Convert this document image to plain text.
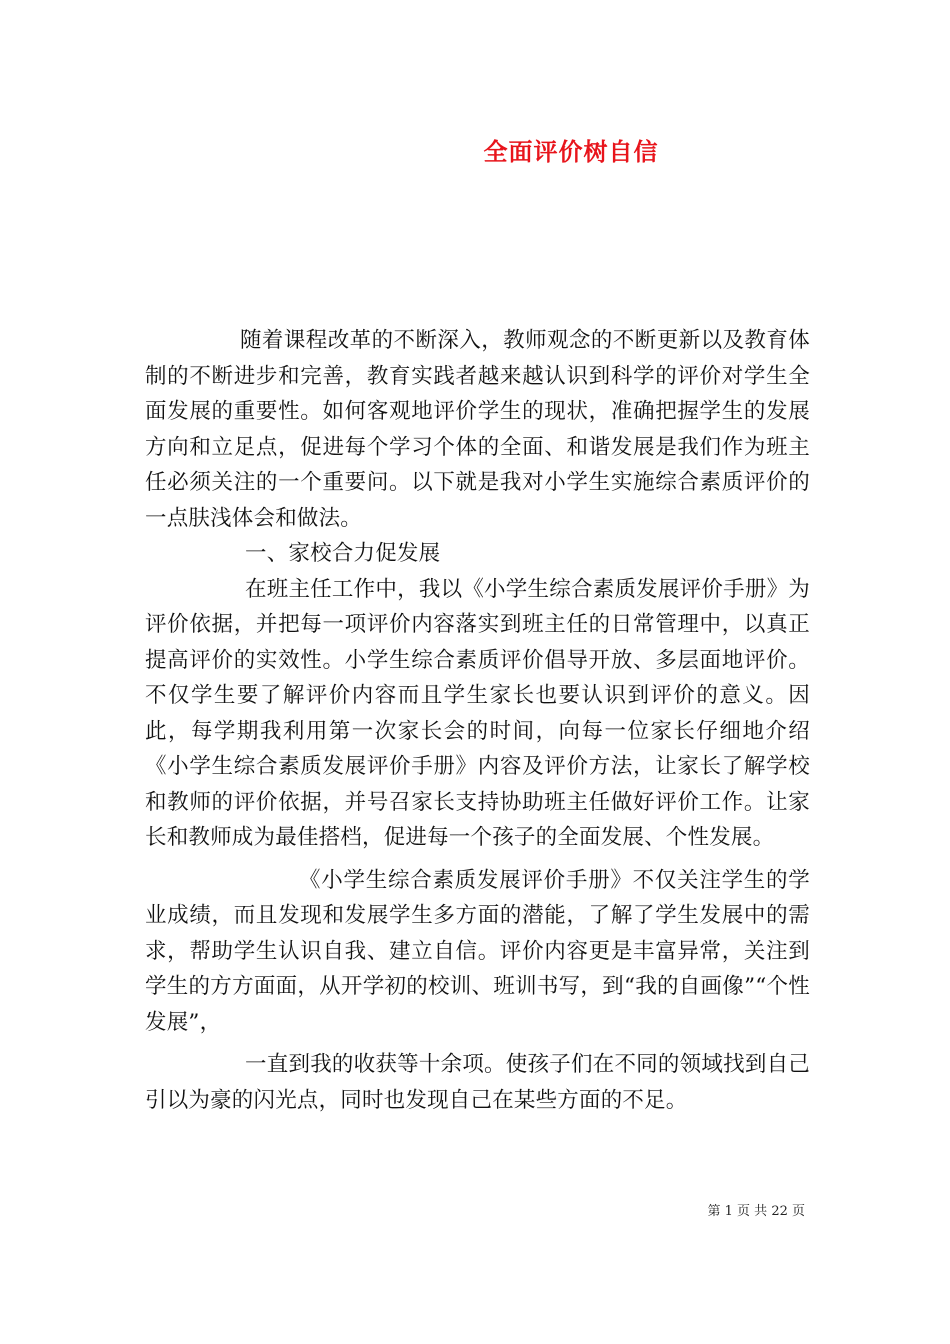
全面评价树自信

随着课程改革的不断深入，教师观念的不断更新以及教育体制的不断进步和完善，教育实践者越来越认识到科学的评价对学生全面发展的重要性。如何客观地评价学生的现状，准确把握学生的发展方向和立足点，促进每个学习个体的全面、和谐发展是我们作为班主任必须关注的一个重要问。以下就是我对小学生实施综合素质评价的一点肤浅体会和做法。

一、家校合力促发展

在班主任工作中，我以《小学生综合素质发展评价手册》为评价依据，并把每一项评价内容落实到班主任的日常管理中，以真正提高评价的实效性。小学生综合素质评价倡导开放、多层面地评价。不仅学生要了解评价内容而且学生家长也要认识到评价的意义。因此，每学期我利用第一次家长会的时间，向每一位家长仔细地介绍《小学生综合素质发展评价手册》内容及评价方法，让家长了解学校和教师的评价依据，并号召家长支持协助班主任做好评价工作。让家长和教师成为最佳搭档，促进每一个孩子的全面发展、个性发展。

《小学生综合素质发展评价手册》不仅关注学生的学业成绩，而且发现和发展学生多方面的潜能，了解了学生发展中的需求，帮助学生认识自我、建立自信。评价内容更是丰富异常，关注到学生的方方面面，从开学初的校训、班训书写，到“我的自画像”“个性发展”，

一直到我的收获等十余项。使孩子们在不同的领域找到自己引以为豪的闪光点，同时也发现自己在某些方面的不足。

第 1 页 共 22 页
